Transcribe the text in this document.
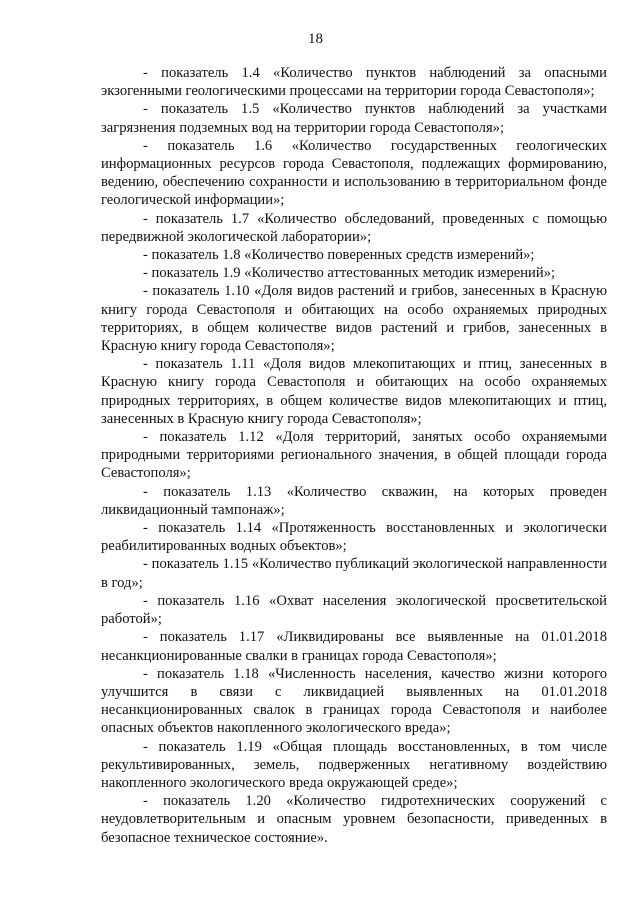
18

- показатель 1.4 «Количество пунктов наблюдений за опасными экзогенными геологическими процессами на территории города Севастополя»;

- показатель 1.5 «Количество пунктов наблюдений за участками загрязнения подземных вод на территории города Севастополя»;

- показатель 1.6 «Количество государственных геологических информационных ресурсов города Севастополя, подлежащих формированию, ведению, обеспечению сохранности и использованию в территориальном фонде геологической информации»;

- показатель 1.7 «Количество обследований, проведенных с помощью передвижной экологической лаборатории»;

- показатель 1.8 «Количество поверенных средств измерений»;

- показатель 1.9 «Количество аттестованных методик измерений»;

- показатель 1.10 «Доля видов растений и грибов, занесенных в Красную книгу города Севастополя и обитающих на особо охраняемых природных территориях, в общем количестве видов растений и грибов, занесенных в Красную книгу города Севастополя»;

- показатель 1.11 «Доля видов млекопитающих и птиц, занесенных в Красную книгу города Севастополя и обитающих на особо охраняемых природных территориях, в общем количестве видов млекопитающих и птиц, занесенных в Красную книгу города Севастополя»;

- показатель 1.12 «Доля территорий, занятых особо охраняемыми природными территориями регионального значения, в общей площади города Севастополя»;

- показатель 1.13 «Количество скважин, на которых проведен ликвидационный тампонаж»;

- показатель 1.14 «Протяженность восстановленных и экологически реабилитированных водных объектов»;

- показатель 1.15 «Количество публикаций экологической направленности в год»;

- показатель 1.16 «Охват населения экологической просветительской работой»;

- показатель 1.17 «Ликвидированы все выявленные на 01.01.2018 несанкционированные свалки в границах города Севастополя»;

- показатель 1.18 «Численность населения, качество жизни которого улучшится в связи с ликвидацией выявленных на 01.01.2018 несанкционированных свалок в границах города Севастополя и наиболее опасных объектов накопленного экологического вреда»;

- показатель 1.19 «Общая площадь восстановленных, в том числе рекультивированных, земель, подверженных негативному воздействию накопленного экологического вреда окружающей среде»;

- показатель 1.20 «Количество гидротехнических сооружений с неудовлетворительным и опасным уровнем безопасности, приведенных в безопасное техническое состояние».
